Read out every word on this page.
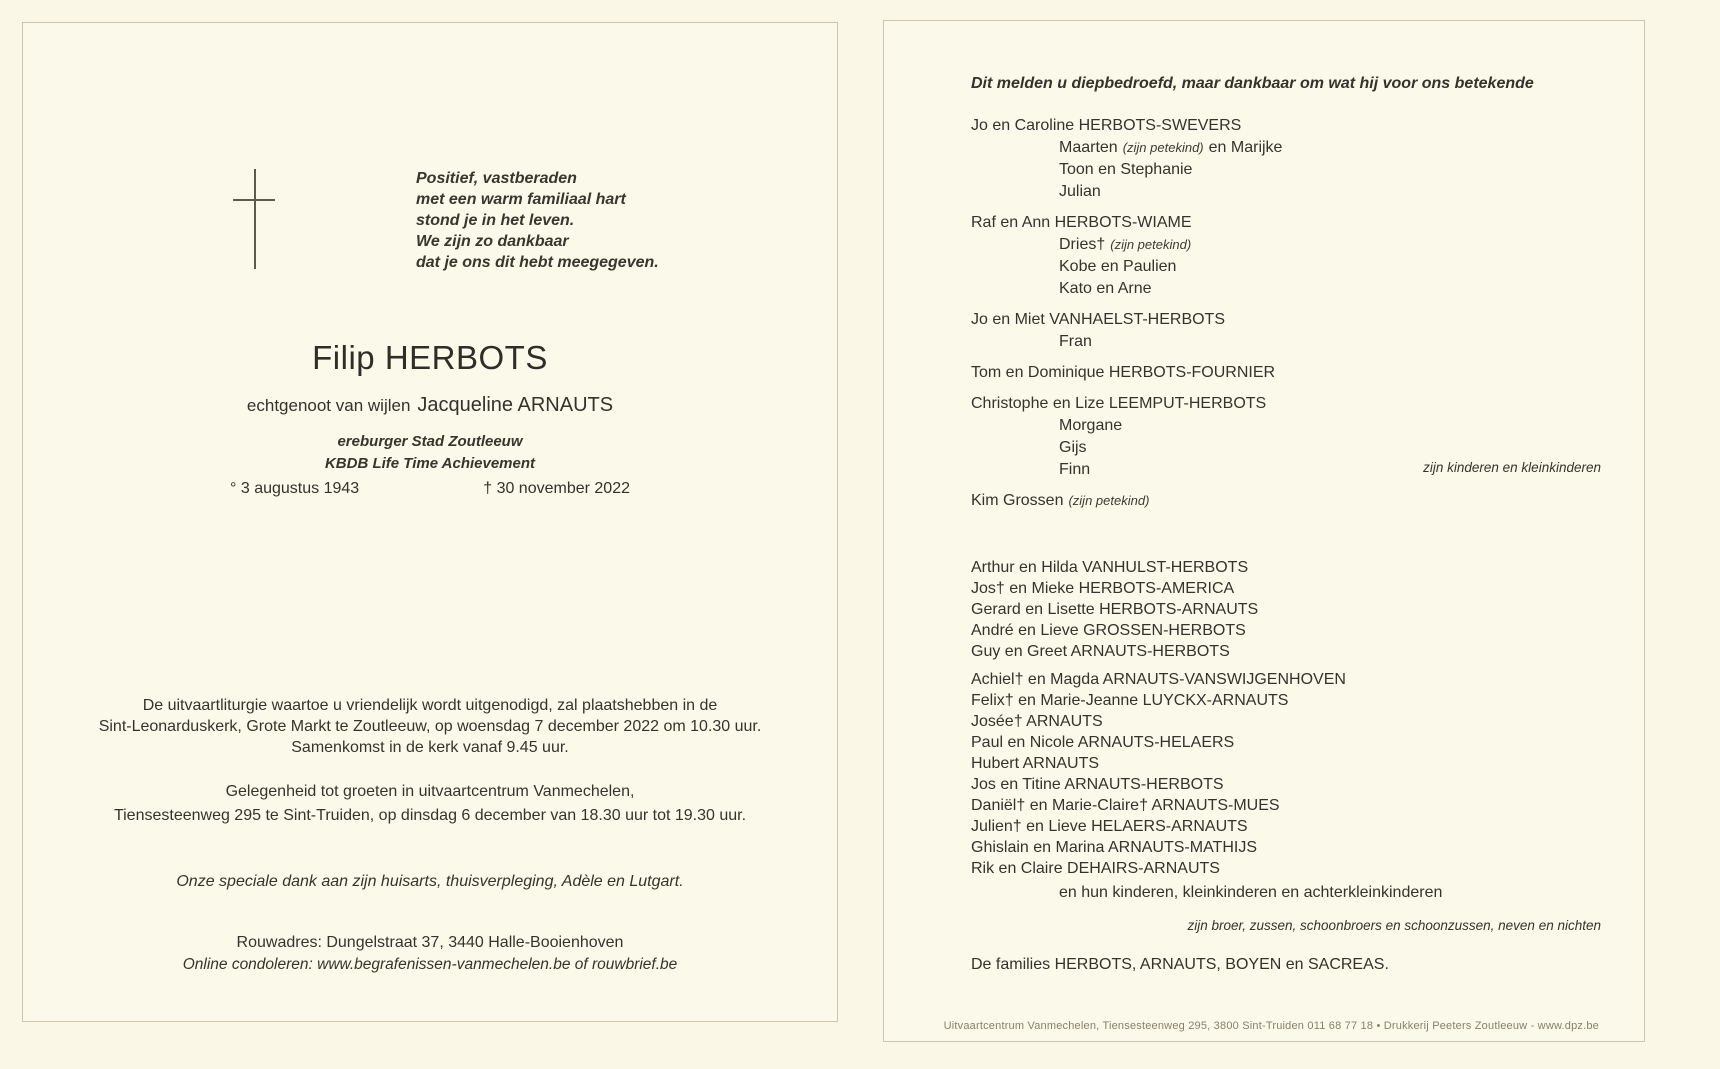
Positief, vastberaden
met een warm familiaal hart
stond je in het leven.
We zijn zo dankbaar
dat je ons dit hebt meegegeven.
Filip HERBOTS
echtgenoot van wijlen Jacqueline ARNAUTS
ereburger Stad Zoutleeuw
KBDB Life Time Achievement
° 3 augustus 1943	† 30 november 2022
De uitvaartliturgie waartoe u vriendelijk wordt uitgenodigd, zal plaatshebben in de
Sint-Leonarduskerk, Grote Markt te Zoutleeuw, op woensdag 7 december 2022 om 10.30 uur.
Samenkomst in de kerk vanaf 9.45 uur.
Gelegenheid tot groeten in uitvaartcentrum Vanmechelen,
Tiensesteenweg 295 te Sint-Truiden, op dinsdag 6 december van 18.30 uur tot 19.30 uur.
Onze speciale dank aan zijn huisarts, thuisverpleging, Adèle en Lutgart.
Rouwadres: Dungelstraat 37, 3440 Halle-Booienhoven
Online condoleren: www.begrafenissen-vanmechelen.be of rouwbrief.be
Dit melden u diepbedroefd, maar dankbaar om wat hij voor ons betekende
Jo en Caroline HERBOTS-SWEVERS
Maarten (zijn petekind) en Marijke
Toon en Stephanie
Julian
Raf en Ann HERBOTS-WIAME
Dries† (zijn petekind)
Kobe en Paulien
Kato en Arne
Jo en Miet VANHAELST-HERBOTS
Fran
Tom en Dominique HERBOTS-FOURNIER
Christophe en Lize LEEMPUT-HERBOTS
Morgane
Gijs
Finn
Kim Grossen (zijn petekind)
zijn kinderen en kleinkinderen
Arthur en Hilda VANHULST-HERBOTS
Jos† en Mieke HERBOTS-AMERICA
Gerard en Lisette HERBOTS-ARNAUTS
André en Lieve GROSSEN-HERBOTS
Guy en Greet ARNAUTS-HERBOTS
Achiel† en Magda ARNAUTS-VANSWIJGENHOVEN
Felix† en Marie-Jeanne LUYCKX-ARNAUTS
Josée† ARNAUTS
Paul en Nicole ARNAUTS-HELAERS
Hubert ARNAUTS
Jos en Titine ARNAUTS-HERBOTS
Daniël† en Marie-Claire† ARNAUTS-MUES
Julien† en Lieve HELAERS-ARNAUTS
Ghislain en Marina ARNAUTS-MATHIJS
Rik en Claire DEHAIRS-ARNAUTS
en hun kinderen, kleinkinderen en achterkleinkinderen
zijn broer, zussen, schoonbroers en schoonzussen, neven en nichten
De families HERBOTS, ARNAUTS, BOYEN en SACREAS.
Uitvaartcentrum Vanmechelen, Tiensesteenweg 295, 3800 Sint-Truiden 011 68 77 18 • Drukkerij Peeters Zoutleeuw - www.dpz.be
